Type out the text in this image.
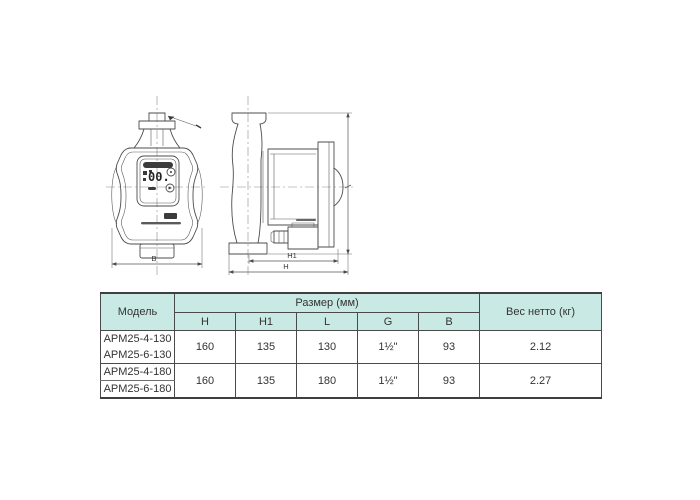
00.
B	H1
H
Модель	Размер (мм)					Вес нетто (кг)
	H	H1	L	G	B	
APM25-4-130	160	135	130	1½"	93	2.12
APM25-6-130						
APM25-4-180	160	135	180	1½"	93	2.27
APM25-6-180						
